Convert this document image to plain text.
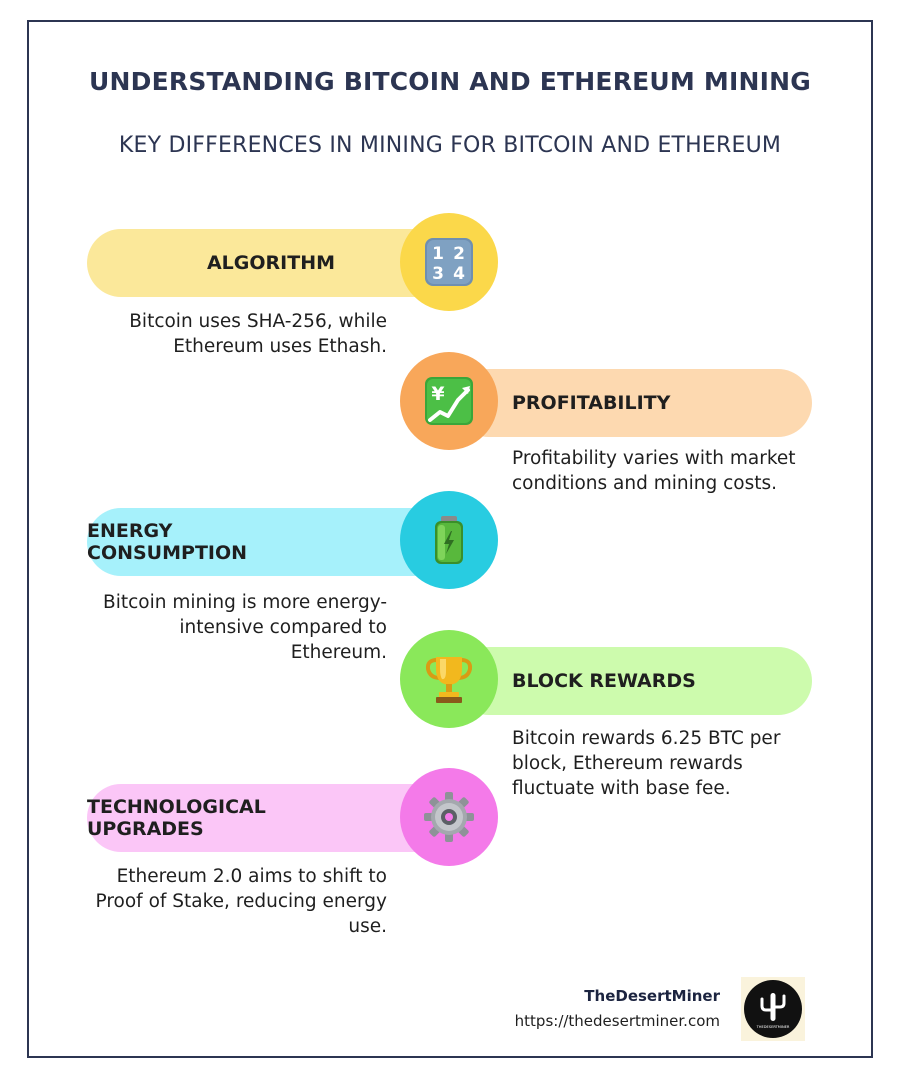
UNDERSTANDING BITCOIN AND ETHEREUM MINING
KEY DIFFERENCES IN MINING FOR BITCOIN AND ETHEREUM
ALGORITHM	1 2
3 4
Bitcoin uses SHA-256, while Ethereum uses Ethash.
PROFITABILITY
¥
Profitability varies with market conditions and mining costs.
ENERGY CONSUMPTION
Bitcoin mining is more energy-intensive compared to Ethereum.
BLOCK REWARDS
Bitcoin rewards 6.25 BTC per block, Ethereum rewards fluctuate with base fee.
TECHNOLOGICAL UPGRADES
Ethereum 2.0 aims to shift to Proof of Stake, reducing energy use.
TheDesertMiner
https://thedesertminer.com	THEDESERTMINER
